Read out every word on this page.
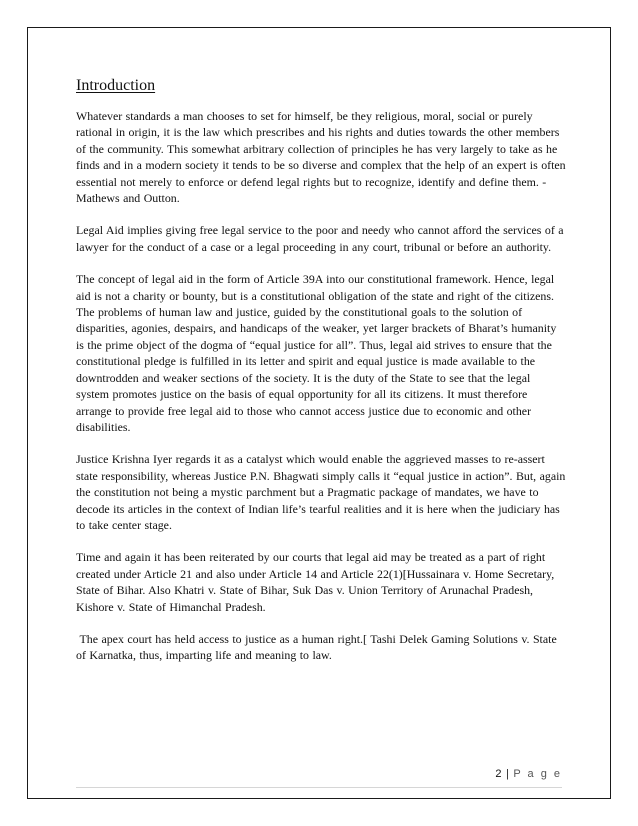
Introduction

Whatever standards a man chooses to set for himself, be they religious, moral, social or purely rational in origin, it is the law which prescribes and his rights and duties towards the other members of the community. This somewhat arbitrary collection of principles he has very largely to take as he finds and in a modern society it tends to be so diverse and complex that the help of an expert is often essential not merely to enforce or defend legal rights but to recognize, identify and define them. -Mathews and Outton.

Legal Aid implies giving free legal service to the poor and needy who cannot afford the services of a lawyer for the conduct of a case or a legal proceeding in any court, tribunal or before an authority.

The concept of legal aid in the form of Article 39A into our constitutional framework. Hence, legal aid is not a charity or bounty, but is a constitutional obligation of the state and right of the citizens. The problems of human law and justice, guided by the constitutional goals to the solution of disparities, agonies, despairs, and handicaps of the weaker, yet larger brackets of Bharat’s humanity is the prime object of the dogma of “equal justice for all”. Thus, legal aid strives to ensure that the constitutional pledge is fulfilled in its letter and spirit and equal justice is made available to the downtrodden and weaker sections of the society. It is the duty of the State to see that the legal system promotes justice on the basis of equal opportunity for all its citizens. It must therefore arrange to provide free legal aid to those who cannot access justice due to economic and other disabilities.

Justice Krishna Iyer regards it as a catalyst which would enable the aggrieved masses to re-assert state responsibility, whereas Justice P.N. Bhagwati simply calls it “equal justice in action”. But, again the constitution not being a mystic parchment but a Pragmatic package of mandates, we have to decode its articles in the context of Indian life’s tearful realities and it is here when the judiciary has to take center stage.

Time and again it has been reiterated by our courts that legal aid may be treated as a part of right created under Article 21 and also under Article 14 and Article 22(1)[Hussainara v. Home Secretary, State of Bihar. Also Khatri v. State of Bihar, Suk Das v. Union Territory of Arunachal Pradesh, Kishore v. State of Himanchal Pradesh.

The apex court has held access to justice as a human right.[ Tashi Delek Gaming Solutions v. State of Karnatka, thus, imparting life and meaning to law.

2 | P a g e
